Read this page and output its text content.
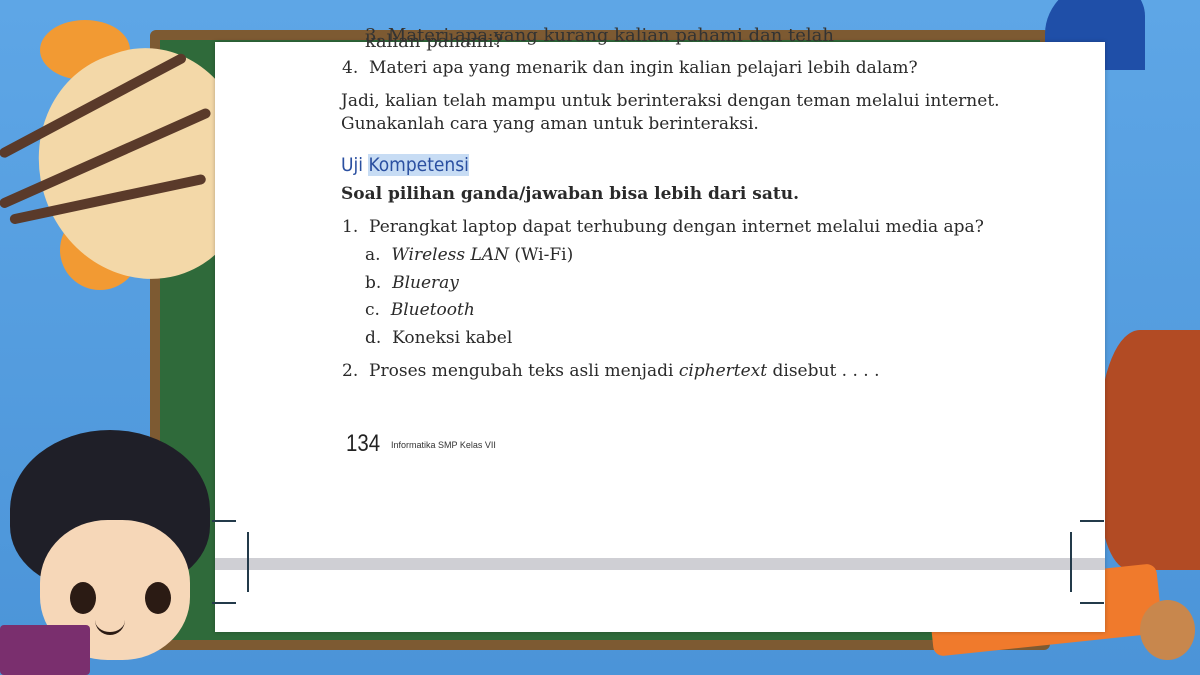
3. Materi apa yang kurang kalian pahami dan telah kalian pahami?
4. Materi apa yang menarik dan ingin kalian pelajari lebih dalam?
Jadi, kalian telah mampu untuk berinteraksi dengan teman melalui internet.
Gunakanlah cara yang aman untuk berinteraksi.
Uji Kompetensi
Soal pilihan ganda/jawaban bisa lebih dari satu.
1. Perangkat laptop dapat terhubung dengan internet melalui media apa?
a. Wireless LAN (Wi-Fi)
b. Blueray
c. Bluetooth
d. Koneksi kabel
2. Proses mengubah teks asli menjadi ciphertext disebut . . . .
134 Informatika SMP Kelas VII
